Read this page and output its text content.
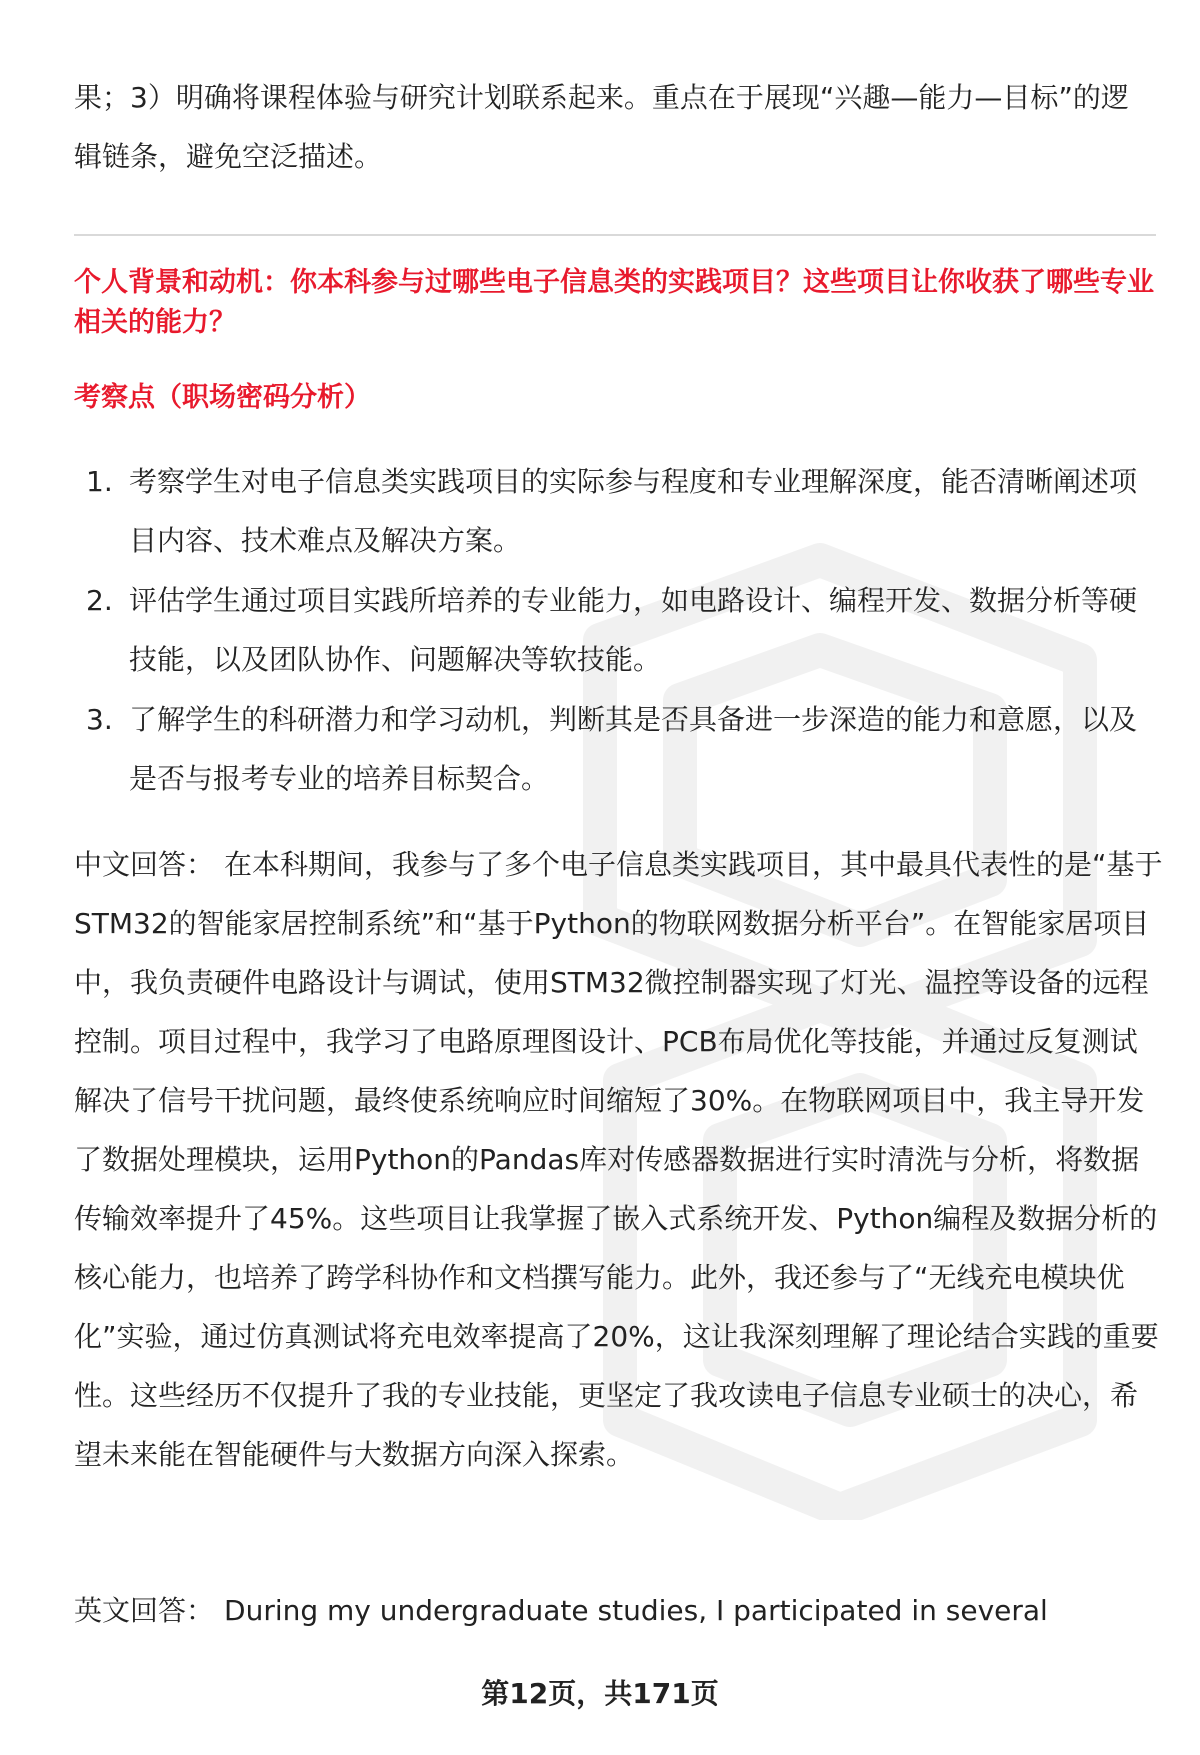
果；3）明确将课程体验与研究计划联系起来。重点在于展现“兴趣—能力—目标”的逻辑链条，避免空泛描述。
个人背景和动机：你本科参与过哪些电子信息类的实践项目？这些项目让你收获了哪些专业相关的能力？
考察点（职场密码分析）
1. 考察学生对电子信息类实践项目的实际参与程度和专业理解深度，能否清晰阐述项目内容、技术难点及解决方案。
2. 评估学生通过项目实践所培养的专业能力，如电路设计、编程开发、数据分析等硬技能，以及团队协作、问题解决等软技能。
3. 了解学生的科研潜力和学习动机，判断其是否具备进一步深造的能力和意愿，以及是否与报考专业的培养目标契合。
中文回答： 在本科期间，我参与了多个电子信息类实践项目，其中最具代表性的是“基于STM32的智能家居控制系统”和“基于Python的物联网数据分析平台”。在智能家居项目中，我负责硬件电路设计与调试，使用STM32微控制器实现了灯光、温控等设备的远程控制。项目过程中，我学习了电路原理图设计、PCB布局优化等技能，并通过反复测试解决了信号干扰问题，最终使系统响应时间缩短了30%。在物联网项目中，我主导开发了数据处理模块，运用Python的Pandas库对传感器数据进行实时清洗与分析，将数据传输效率提升了45%。这些项目让我掌握了嵌入式系统开发、Python编程及数据分析的核心能力，也培养了跨学科协作和文档撰写能力。此外，我还参与了“无线充电模块优化”实验，通过仿真测试将充电效率提高了20%，这让我深刻理解了理论结合实践的重要性。这些经历不仅提升了我的专业技能，更坚定了我攻读电子信息专业硕士的决心，希望未来能在智能硬件与大数据方向深入探索。
英文回答： During my undergraduate studies, I participated in several
第12页，共171页
